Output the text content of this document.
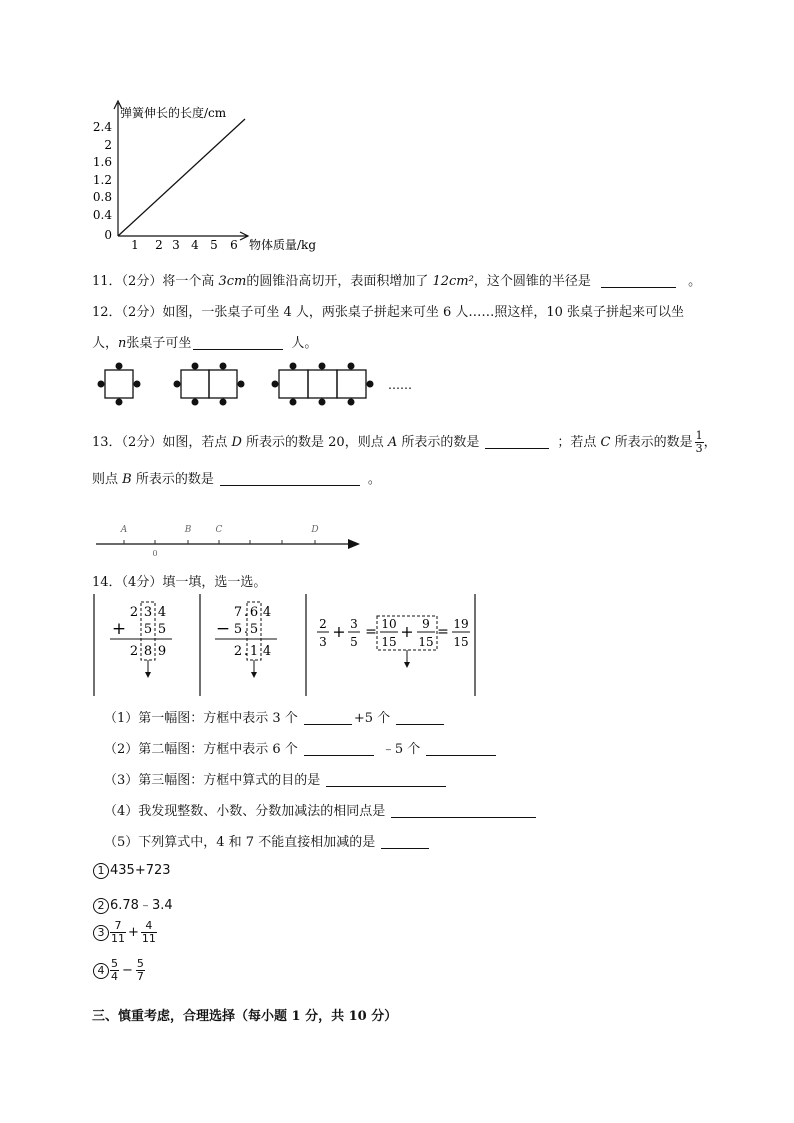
弹簧伸长的长度/cm
2.4
2
1.6
1.2
0.8
0.4
0
1 2 3 4 5 6 物体质量/kg
11．（2分）将一个高 3cm的圆锥沿高切开，表面积增加了 12cm²，这个圆锥的半径是	。
12．（2分）如图，一张桌子可坐 4 人，两张桌子拼起来可坐 6 人……照这样，10 张桌子拼起来可以坐
人，n张桌子可坐	人。
……
13．（2分）如图，若点 D 所表示的数是 20，则点 A 所表示的数是	；若点 C 所表示的数是 $\frac{1}{3}$ ，
则点 B 所表示的数是	。
A	B	C	D
0
14．（4分）填一填，选一选。
2 3 4
+ 5 5
2 8 9
7 . 6 4
− 5 . 5
2 . 1 4
2
3
+ 3
5
= 10
15
+ 9
15
= 19
15
（1）第一幅图：方框中表示 3 个	+5 个
（2）第二幅图：方框中表示 6 个	﹣5 个
（3）第三幅图：方框中算式的目的是
（4）我发现整数、小数、分数加减法的相同点是
（5）下列算式中，4 和 7 不能直接相加减的是
1 435+723
2 6.78﹣3.4
$3 \frac{7}{11} + \frac{4}{11}$
$4 \frac{5}{4} - \frac{5}{7}$
三、慎重考虑，合理选择（每小题 1 分，共 10 分）
